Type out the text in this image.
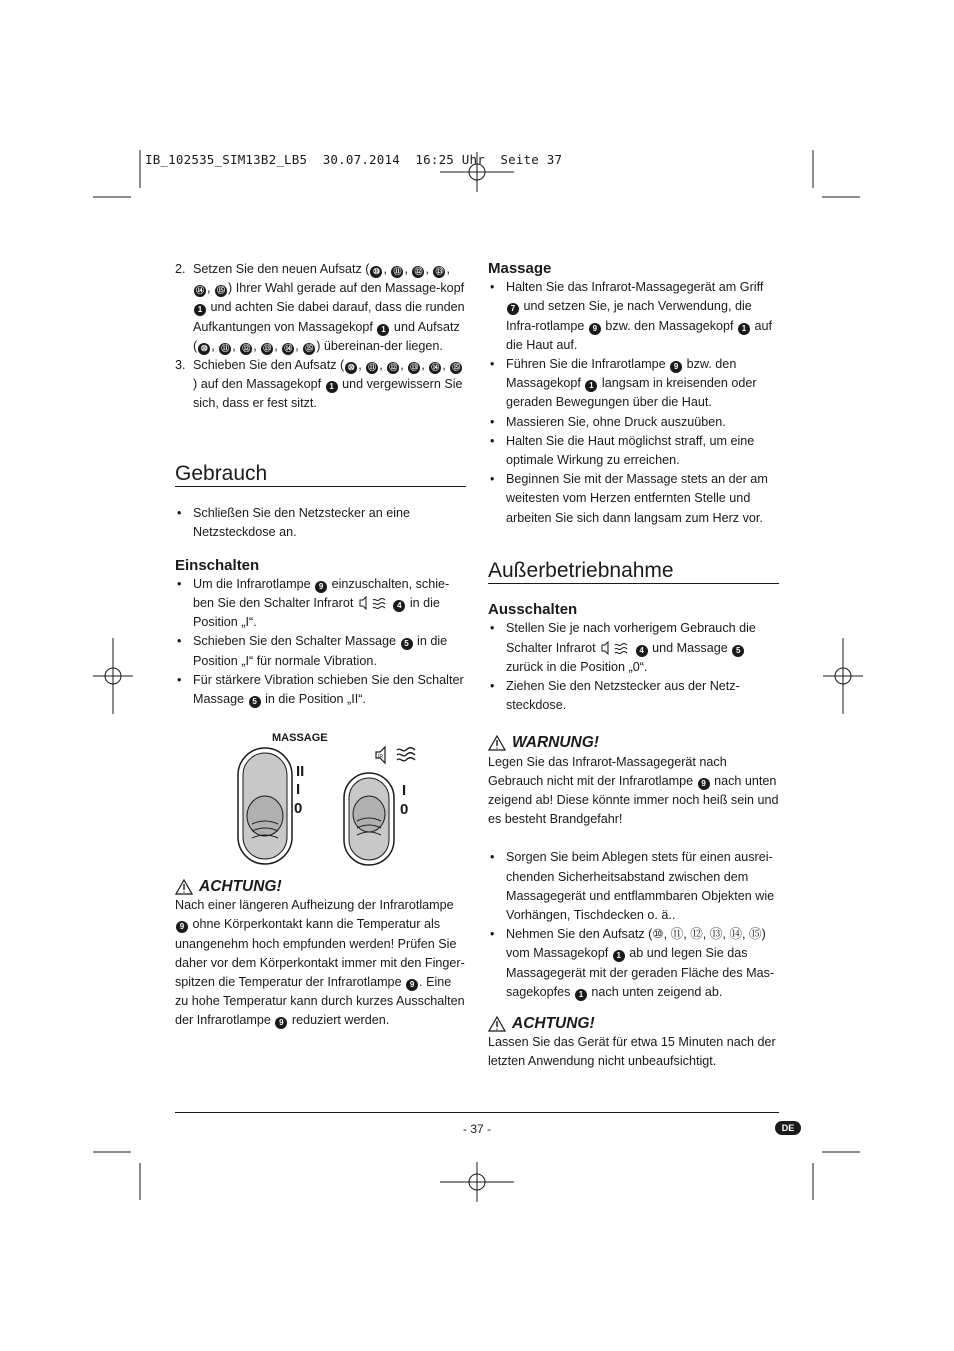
IB_102535_SIM13B2_LB5  30.07.2014  16:25 Uhr  Seite 37
2. Setzen Sie den neuen Aufsatz ( ⑩ , ⑪ , ⑫ , ⑬ , ⑭ , ⑮ ) Ihrer Wahl gerade auf den Massage-kopf 1 und achten Sie dabei darauf, dass die runden Aufkantungen von Massagekopf 1 und Aufsatz ( ⑩ , ⑪ , ⑫ , ⑬ , ⑭ , ⑮ ) übereinan-der liegen.

3. Schieben Sie den Aufsatz ( ⑩ , ⑪ , ⑫ , ⑬ , ⑭ , ⑮) auf den Massagekopf 1 und vergewissern Sie sich, dass er fest sitzt.

Gebrauch
• Schließen Sie den Netzstecker an eine Netzsteckdose an.
Einschalten
• Um die Infrarotlampe 9 einzuschalten, schie-ben Sie den Schalter Infrarot	4 in die Position „I“.
• Schieben Sie den Schalter Massage 5 in die Position „I“ für normale Vibration.
• Für stärkere Vibration schieben Sie den Schalter Massage 5 in die Position „II“.
MASSAGE
II
I
0
IR
I
0
ACHTUNG!

Nach einer längeren Aufheizung der Infrarotlampe 9 ohne Körperkontakt kann die Temperatur als unangenehm hoch empfunden werden! Prüfen Sie daher vor dem Körperkontakt immer mit den Finger-spitzen die Temperatur der Infrarotlampe 9 . Eine zu hohe Temperatur kann durch kurzes Ausschalten der Infrarotlampe 9 reduziert werden.

Massage
• Halten Sie das Infrarot-Massagegerät am Griff 7 und setzen Sie, je nach Verwendung, die Infra-rotlampe 9 bzw. den Massagekopf 1 auf die Haut auf.
• Führen Sie die Infrarotlampe 9 bzw. den Massagekopf 1 langsam in kreisenden oder geraden Bewegungen über die Haut.
• Massieren Sie, ohne Druck auszuüben.
• Halten Sie die Haut möglichst straff, um eine optimale Wirkung zu erreichen.
• Beginnen Sie mit der Massage stets an der am weitesten vom Herzen entfernten Stelle und arbeiten Sie sich dann langsam zum Herz vor.
Außerbetriebnahme
Ausschalten
• Stellen Sie je nach vorherigem Gebrauch die Schalter Infrarot	4 und Massage 5 zurück in die Position „0“.
• Ziehen Sie den Netzstecker aus der Netz-steckdose.
WARNUNG!

Legen Sie das Infrarot-Massagegerät nach Gebrauch nicht mit der Infrarotlampe 9 nach unten zeigend ab! Diese könnte immer noch heiß sein und es besteht Brandgefahr!

• Sorgen Sie beim Ablegen stets für einen ausrei-chenden Sicherheitsabstand zwischen dem Massagegerät und entflammbaren Objekten wie Vorhängen, Tischdecken o. ä..
• Nehmen Sie den Aufsatz (⑩, ⑪, ⑫, ⑬, ⑭, ⑮) vom Massagekopf 1 ab und legen Sie das Massagegerät mit der geraden Fläche des Mas-sagekopfes 1 nach unten zeigend ab.
ACHTUNG!

Lassen Sie das Gerät für etwa 15 Minuten nach der letzten Anwendung nicht unbeaufsichtigt.

- 37 -	DE
